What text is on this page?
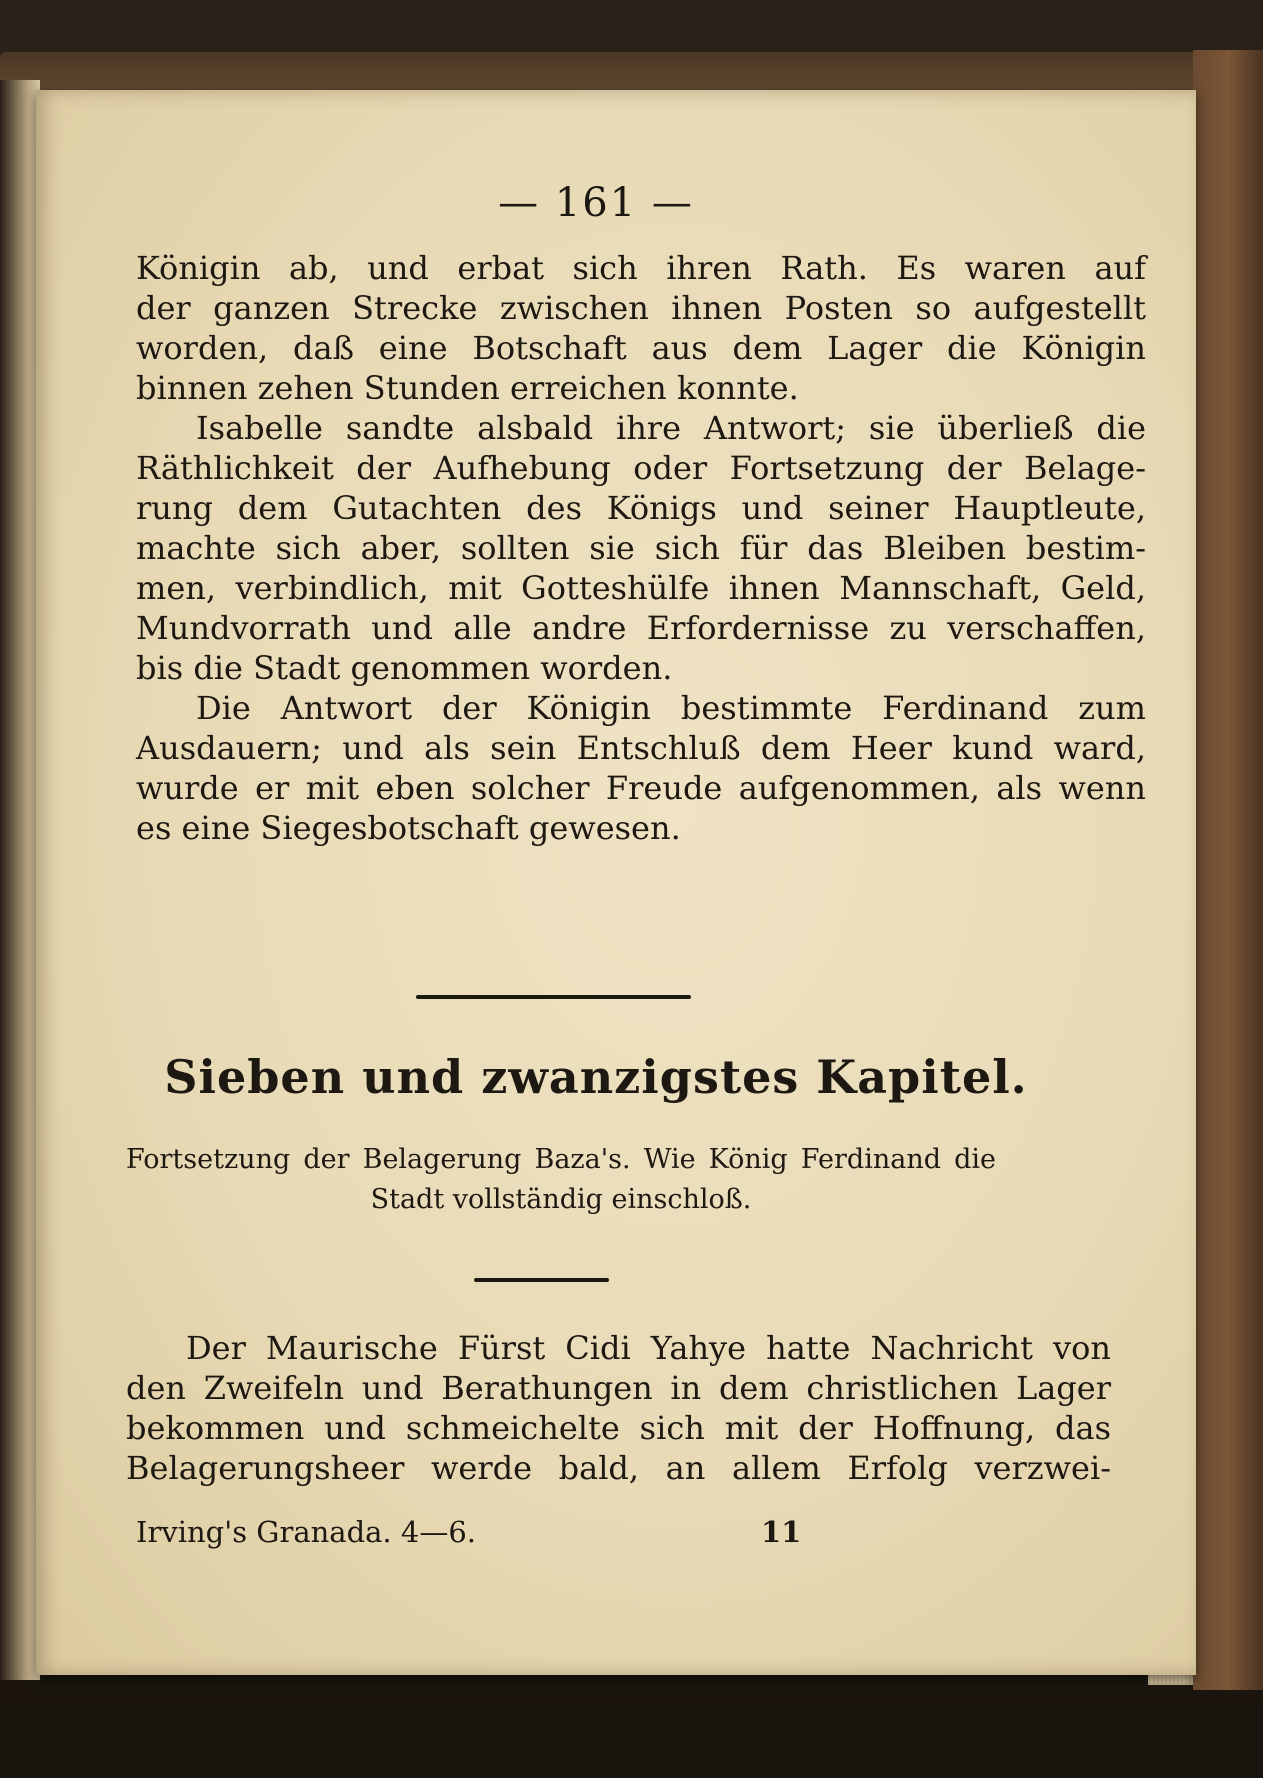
— 161 —
Königin ab, und erbat sich ihren Rath. Es waren auf
der ganzen Strecke zwischen ihnen Posten so aufgestellt
worden, daß eine Botschaft aus dem Lager die Königin
binnen zehen Stunden erreichen konnte.
Isabelle sandte alsbald ihre Antwort; sie überließ die
Räthlichkeit der Aufhebung oder Fortsetzung der Belage-
rung dem Gutachten des Königs und seiner Hauptleute,
machte sich aber, sollten sie sich für das Bleiben bestim-
men, verbindlich, mit Gotteshülfe ihnen Mannschaft, Geld,
Mundvorrath und alle andre Erfordernisse zu verschaffen,
bis die Stadt genommen worden.
Die Antwort der Königin bestimmte Ferdinand zum
Ausdauern; und als sein Entschluß dem Heer kund ward,
wurde er mit eben solcher Freude aufgenommen, als wenn
es eine Siegesbotschaft gewesen.
Sieben und zwanzigstes Kapitel.
Fortsetzung der Belagerung Baza's. Wie König Ferdinand die
Stadt vollständig einschloß.
Der Maurische Fürst Cidi Yahye hatte Nachricht von
den Zweifeln und Berathungen in dem christlichen Lager
bekommen und schmeichelte sich mit der Hoffnung, das
Belagerungsheer werde bald, an allem Erfolg verzwei-
Irving's Granada. 4—6.	11
